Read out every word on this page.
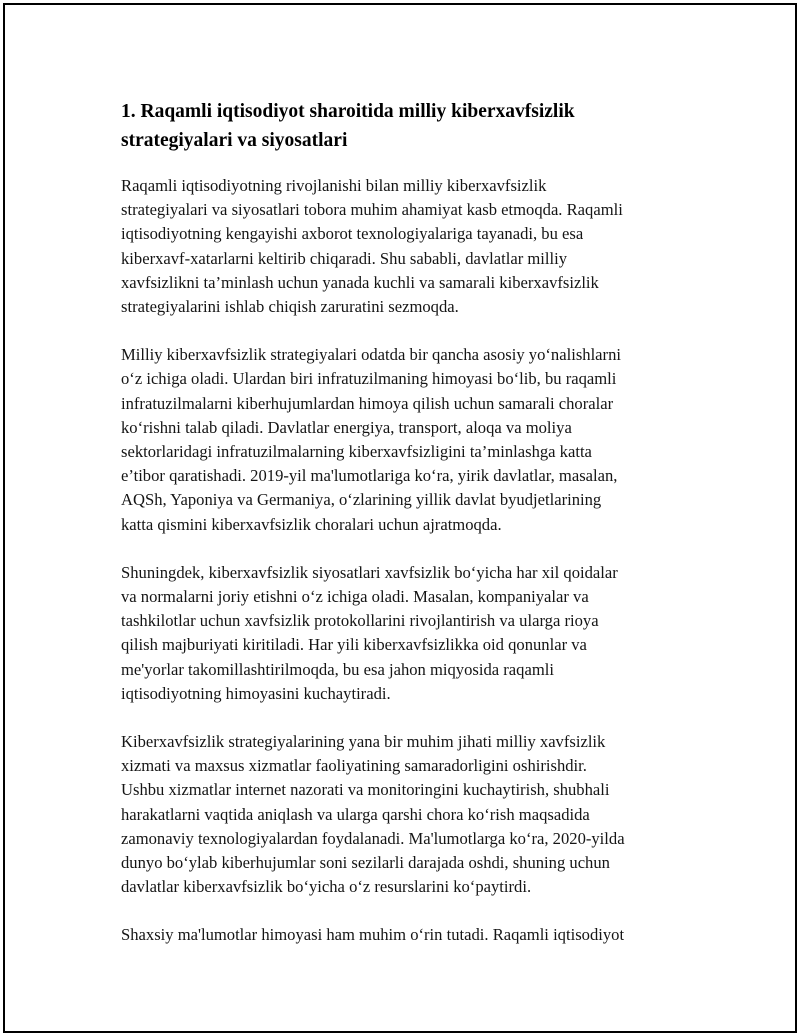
1. Raqamli iqtisodiyot sharoitida milliy kiberxavfsizlik
strategiyalari va siyosatlari

Raqamli iqtisodiyotning rivojlanishi bilan milliy kiberxavfsizlik
strategiyalari va siyosatlari tobora muhim ahamiyat kasb etmoqda. Raqamli
iqtisodiyotning kengayishi axborot texnologiyalariga tayanadi, bu esa
kiberxavf-xatarlarni keltirib chiqaradi. Shu sababli, davlatlar milliy
xavfsizlikni ta’minlash uchun yanada kuchli va samarali kiberxavfsizlik
strategiyalarini ishlab chiqish zaruratini sezmoqda.

Milliy kiberxavfsizlik strategiyalari odatda bir qancha asosiy yo‘nalishlarni
o‘z ichiga oladi. Ulardan biri infratuzilmaning himoyasi bo‘lib, bu raqamli
infratuzilmalarni kiberhujumlardan himoya qilish uchun samarali choralar
ko‘rishni talab qiladi. Davlatlar energiya, transport, aloqa va moliya
sektorlaridagi infratuzilmalarning kiberxavfsizligini ta’minlashga katta
e’tibor qaratishadi. 2019-yil ma'lumotlariga ko‘ra, yirik davlatlar, masalan,
AQSh, Yaponiya va Germaniya, o‘zlarining yillik davlat byudjetlarining
katta qismini kiberxavfsizlik choralari uchun ajratmoqda.

Shuningdek, kiberxavfsizlik siyosatlari xavfsizlik bo‘yicha har xil qoidalar
va normalarni joriy etishni o‘z ichiga oladi. Masalan, kompaniyalar va
tashkilotlar uchun xavfsizlik protokollarini rivojlantirish va ularga rioya
qilish majburiyati kiritiladi. Har yili kiberxavfsizlikka oid qonunlar va
me'yorlar takomillashtirilmoqda, bu esa jahon miqyosida raqamli
iqtisodiyotning himoyasini kuchaytiradi.

Kiberxavfsizlik strategiyalarining yana bir muhim jihati milliy xavfsizlik
xizmati va maxsus xizmatlar faoliyatining samaradorligini oshirishdir.
Ushbu xizmatlar internet nazorati va monitoringini kuchaytirish, shubhali
harakatlarni vaqtida aniqlash va ularga qarshi chora ko‘rish maqsadida
zamonaviy texnologiyalardan foydalanadi. Ma'lumotlarga ko‘ra, 2020-yilda
dunyo bo‘ylab kiberhujumlar soni sezilarli darajada oshdi, shuning uchun
davlatlar kiberxavfsizlik bo‘yicha o‘z resurslarini ko‘paytirdi.

Shaxsiy ma'lumotlar himoyasi ham muhim o‘rin tutadi. Raqamli iqtisodiyot
